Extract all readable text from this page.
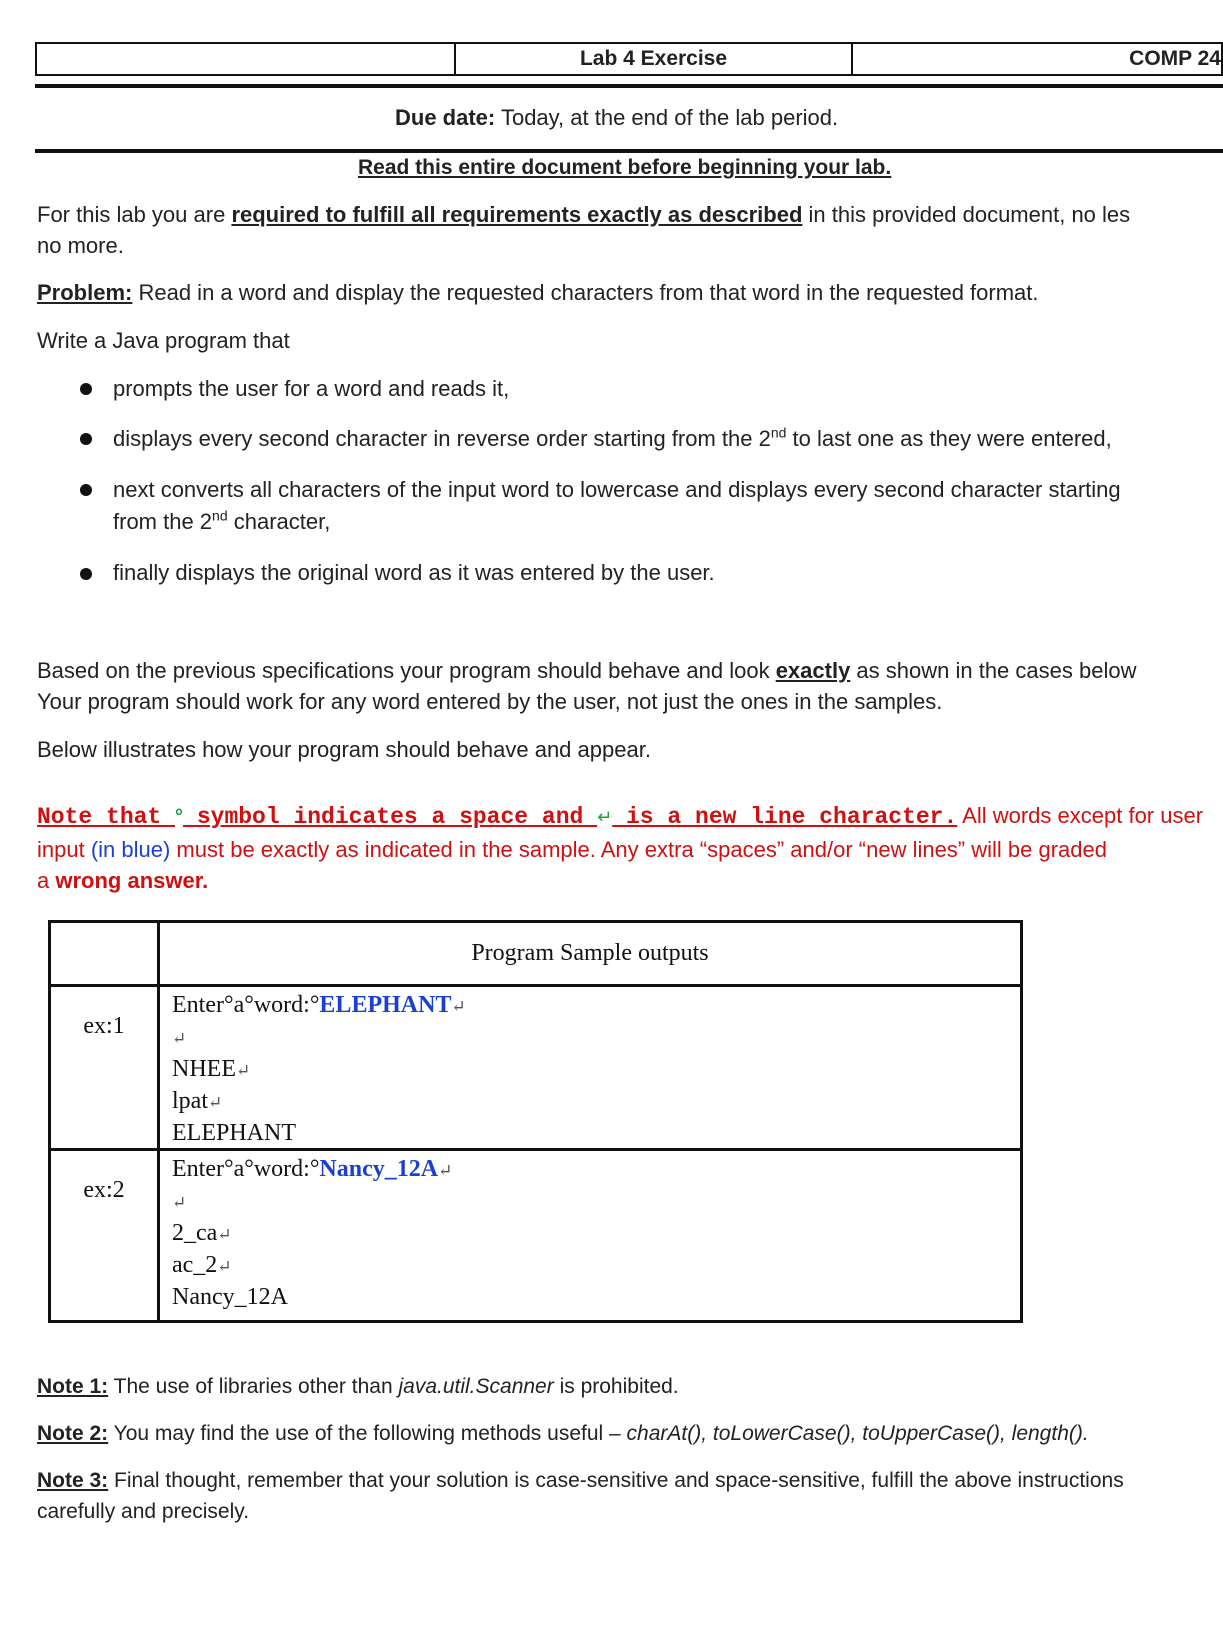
	Lab 4 Exercise	COMP 24
Due date: Today, at the end of the lab period.
Read this entire document before beginning your lab.
For this lab you are required to fulfill all requirements exactly as described in this provided document, no les
no more.
Problem: Read in a word and display the requested characters from that word in the requested format.
Write a Java program that
prompts the user for a word and reads it,
displays every second character in reverse order starting from the 2nd to last one as they were entered,
next converts all characters of the input word to lowercase and displays every second character starting
from the 2nd character,
finally displays the original word as it was entered by the user.
Based on the previous specifications your program should behave and look exactly as shown in the cases below
Your program should work for any word entered by the user, not just the ones in the samples.
Below illustrates how your program should behave and appear.
Note that ° symbol indicates a space and ↵ is a new line character. All words except for user
input (in blue) must be exactly as indicated in the sample. Any extra “spaces” and/or “new lines” will be graded
a wrong answer.
	Program Sample outputs
ex:1	Enter°a°word:°ELEPHANT↵
↵
NHEE↵
lpat↵
ELEPHANT

ex:2	Enter°a°word:°Nancy_12A↵
↵
2_ca↵
ac_2↵
Nancy_12A
Note 1: The use of libraries other than java.util.Scanner is prohibited.
Note 2: You may find the use of the following methods useful – charAt(), toLowerCase(), toUpperCase(), length().
Note 3: Final thought, remember that your solution is case-sensitive and space-sensitive, fulfill the above instructions
carefully and precisely.
